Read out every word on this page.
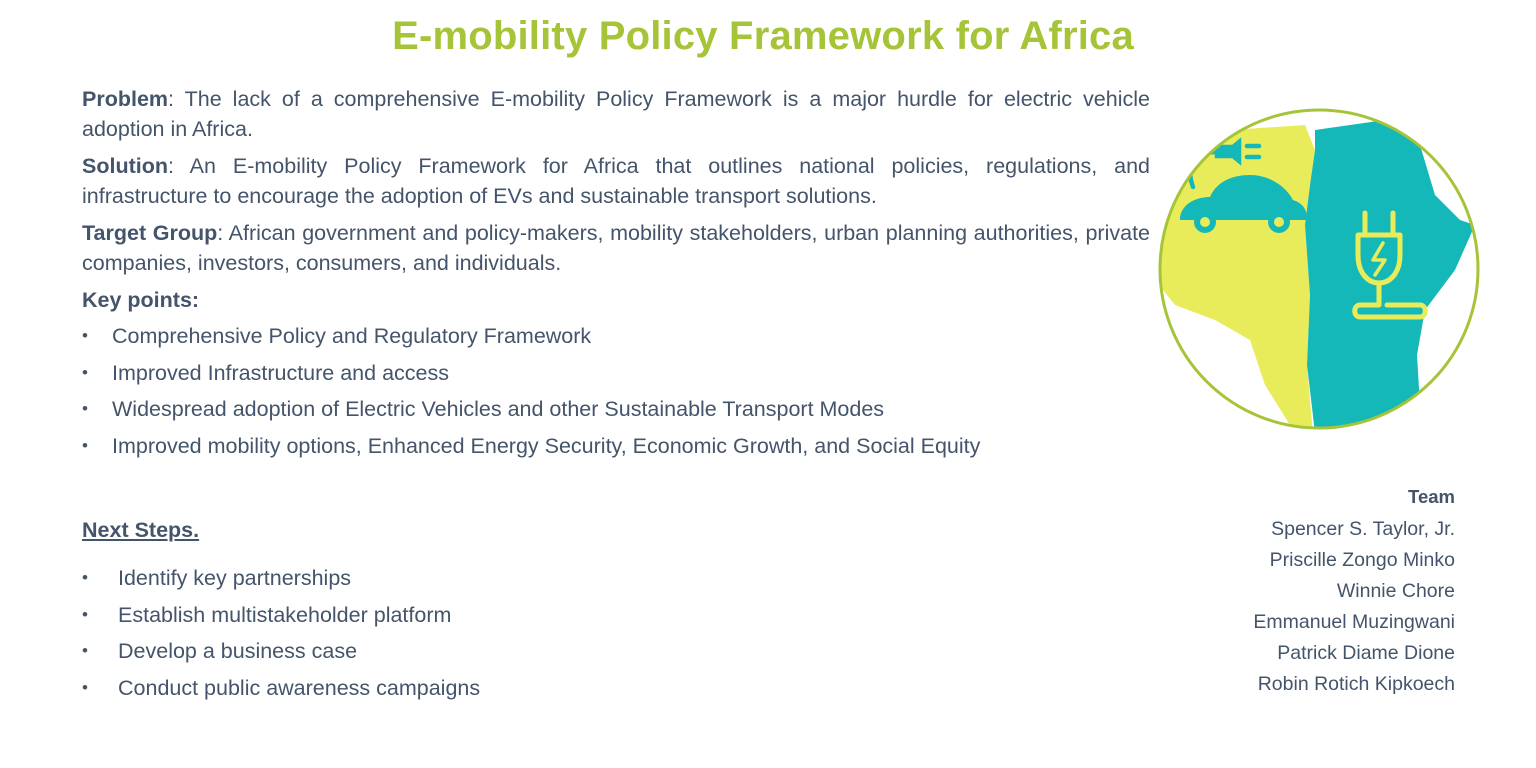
E-mobility Policy Framework for Africa

Problem: The lack of a comprehensive E-mobility Policy Framework is a major hurdle for electric vehicle adoption in Africa.

Solution: An E-mobility Policy Framework for Africa that outlines national policies, regulations, and infrastructure to encourage the adoption of EVs and sustainable transport solutions.

Target Group: African government and policy-makers, mobility stakeholders, urban planning authorities, private companies, investors, consumers, and individuals.

Key points:

• Comprehensive Policy and Regulatory Framework
• Improved Infrastructure and access
• Widespread adoption of Electric Vehicles and other Sustainable Transport Modes
• Improved mobility options, Enhanced Energy Security, Economic Growth, and Social Equity

Next Steps.

• Identify key partnerships
• Establish multistakeholder platform
• Develop a business case
• Conduct public awareness campaigns
Team
Spencer S. Taylor, Jr.
Priscille Zongo Minko
Winnie Chore
Emmanuel Muzingwani
Patrick Diame Dione
Robin Rotich Kipkoech
